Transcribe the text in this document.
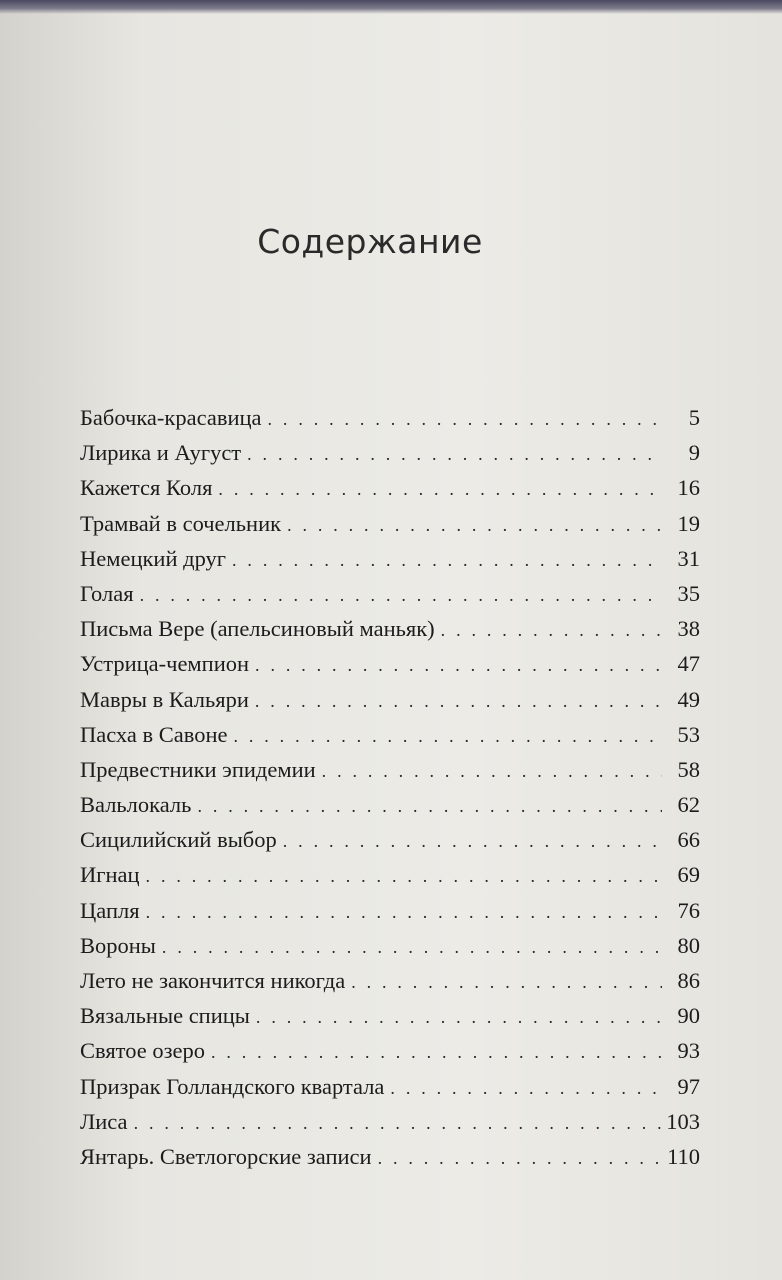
Содержание
Бабочка-красавица . . .	5
Лирика и Аугуст . . .	9
Кажется Коля . . .	16
Трамвай в сочельник . . .	19
Немецкий друг . . .	31
Голая . . .	35
Письма Вере (апельсиновый маньяк) . . .	38
Устрица-чемпион . . .	47
Мавры в Кальяри . . .	49
Пасха в Савоне . . .	53
Предвестники эпидемии . . .	58
Вальлокаль . . .	62
Сицилийский выбор . . .	66
Игнац . . .	69
Цапля . . .	76
Вороны . . .	80
Лето не закончится никогда . . .	86
Вязальные спицы . . .	90
Святое озеро . . .	93
Призрак Голландского квартала . . .	97
Лиса . . .	103
Янтарь. Светлогорские записи . . .	110
